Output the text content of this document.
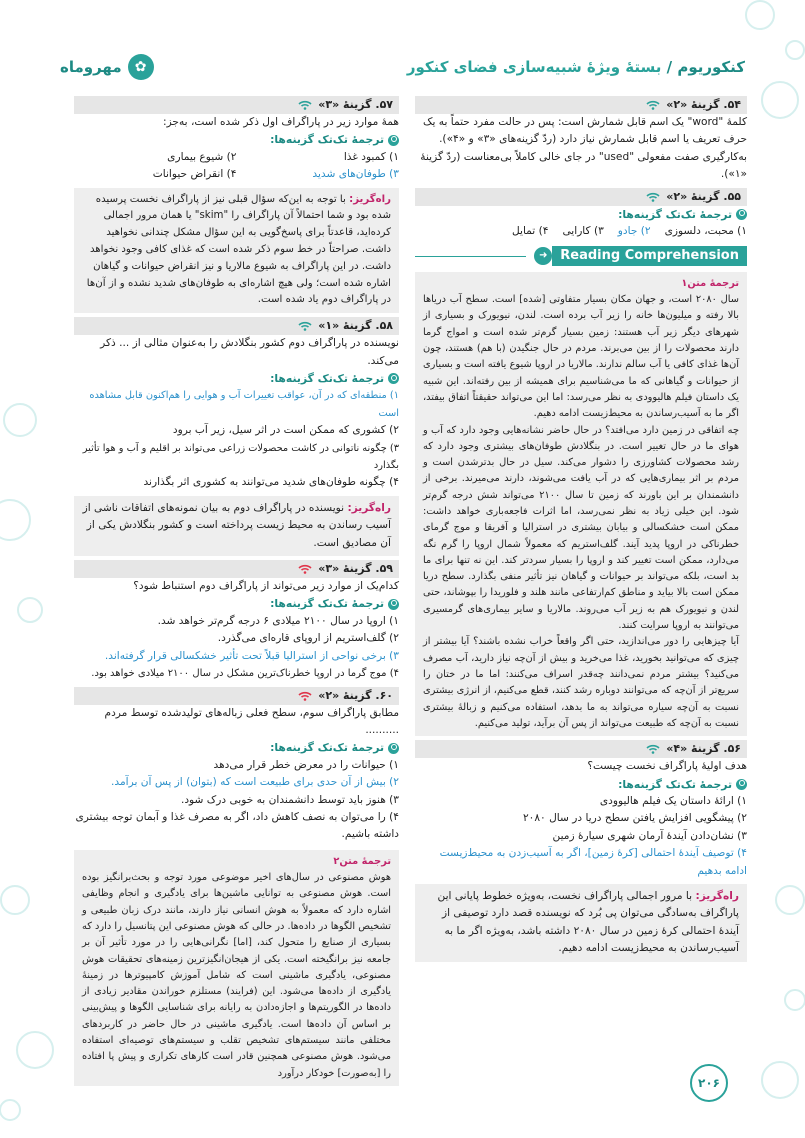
کنکوریوم / بستهٔ ویژهٔ شبیه‌سازی فضای کنکور
✿
مهروماه
۵۴. گزینهٔ «۲»

کلمهٔ "word" یک اسم قابل شمارش است: پس در حالت مفرد حتماً به یک حرف تعریف یا اسم قابل شمارش نیاز دارد (ردّ گزینه‌های «۳» و «۴»). به‌کارگیری صفت مفعولی "used" در جای خالی کاملاً بی‌معناست (ردّ گزینهٔ «۱»).

۵۵. گزینهٔ «۲»
ترجمهٔ تک‌تک گزینه‌ها:
۱) محبت، دلسوزی
۲) جادو
۳) کارایی
۴) تمایل
Reading Comprehension
➜
ترجمهٔ متن۱

سال ۲۰۸۰ است، و جهان مکان بسیار متفاوتی [شده] است. سطح آب دریاها بالا رفته و میلیون‌ها خانه را زیر آب برده است. لندن، نیویورک و بسیاری از شهرهای دیگر زیر آب هستند: زمین بسیار گرم‌تر شده است و امواج گرما دارند محصولات را از بین می‌برند. مردم در حال جنگیدن (با هم) هستند، چون آن‌ها غذای کافی یا آب سالم ندارند. مالاریا در اروپا شیوع یافته است و بسیاری از حیوانات و گیاهانی که ما می‌شناسیم برای همیشه از بین رفته‌اند. این شبیه یک داستان فیلم هالیوودی به نظر می‌رسد: اما این می‌تواند حقیقتاً اتفاق بیفتد، اگر ما به آسیب‌رساندن به محیط‌زیست ادامه دهیم.

چه اتفاقی در زمین دارد می‌افتد؟ در حال حاضر نشانه‌هایی وجود دارد که آب و هوای ما در حال تغییر است. در بنگلادش طوفان‌های بیشتری وجود دارد که رشد محصولات کشاورزی را دشوار می‌کند. سیل در حال بدترشدن است و مردم بر اثر بیماری‌هایی که در آب یافت می‌شوند، دارند می‌میرند. برخی از دانشمندان بر این باورند که زمین تا سال ۲۱۰۰ می‌تواند شش درجه گرم‌تر شود. این خیلی زیاد به نظر نمی‌رسد، اما اثرات فاجعه‌باری خواهد داشت: ممکن است خشکسالی و بیابان بیشتری در استرالیا و آفریقا و موج گرمای خطرناکی در اروپا پدید آیند. گلف‌استریم که معمولاً شمال اروپا را گرم نگه می‌دارد، ممکن است تغییر کند و اروپا را بسیار سردتر کند. این نه تنها برای ما بد است، بلکه می‌تواند بر حیوانات و گیاهان نیز تأثیر منفی بگذارد. سطح دریا ممکن است بالا بیاید و مناطق کم‌ارتفاعی مانند هلند و فلوریدا را بپوشاند، حتی لندن و نیویورک هم به زیر آب می‌روند. مالاریا و سایر بیماری‌های گرمسیری می‌توانند به اروپا سرایت کنند.

آیا چیزهایی را دور می‌اندازید، حتی اگر واقعاً خراب نشده باشند؟ آیا بیشتر از چیزی که می‌توانید بخورید، غذا می‌خرید و بیش از آن‌چه نیاز دارید، آب مصرف می‌کنید؟ بیشتر مردم نمی‌دانند چه‌قدر اسراف می‌کنند: اما ما در ختان را سریع‌تر از آن‌چه که می‌توانند دوباره رشد کنند، قطع می‌کنیم، از انرژی بیشتری نسبت به آن‌چه سیاره می‌تواند به ما بدهد، استفاده می‌کنیم و زبالهٔ بیشتری نسبت به آن‌چه که طبیعت می‌تواند از پس آن برآید، تولید می‌کنیم.

۵۶. گزینهٔ «۴»

هدف اولیهٔ پاراگراف نخست چیست؟

ترجمهٔ تک‌تک گزینه‌ها:

۱) ارائهٔ داستان یک فیلم هالیوودی

۲) پیشگویی افزایش یافتن سطح دریا در سال ۲۰۸۰

۳) نشان‌دادن آیندهٔ آرمان شهری سیارهٔ زمین

۴) توصیف آیندهٔ احتمالی [کرهٔ زمین]، اگر به آسیب‌زدن به محیط‌زیست ادامه بدهیم

راه‌گریز: با مرور اجمالی پاراگراف نخست، به‌ویژه خطوط پایانی این پاراگراف به‌سادگی می‌توان پی بُرد که نویسنده قصد دارد توصیفی از آیندهٔ احتمالی کرهٔ زمین در سال ۲۰۸۰ داشته باشد، به‌ویژه اگر ما به آسیب‌رساندن به محیط‌زیست ادامه دهیم.
۵۷. گزینهٔ «۳»

همهٔ موارد زیر در پاراگراف اول ذکر شده است، به‌جز:

ترجمهٔ تک‌تک گزینه‌ها:
۱) کمبود غذا
۲) شیوع بیماری
۳) طوفان‌های شدید
۴) انقراض حیوانات
راه‌گریز: با توجه به این‌که سؤال قبلی نیز از پاراگراف نخست پرسیده شده بود و شما احتمالاً آن پاراگراف را "skim" یا همان مرور اجمالی کرده‌اید، قاعدتاً برای پاسخ‌گویی به این سؤال مشکل چندانی نخواهید داشت. صراحتاً در خط سوم ذکر شده است که غذای کافی وجود نخواهد داشت. در این پاراگراف به شیوع مالاریا و نیز انقراض حیوانات و گیاهان اشاره شده است؛ ولی هیچ اشاره‌ای به طوفان‌های شدید نشده و از آن‌ها در پاراگراف دوم یاد شده است.
۵۸. گزینهٔ «۱»

نویسنده در پاراگراف دوم کشور بنگلادش را به‌عنوان مثالی از ... ذکر می‌کند.

ترجمهٔ تک‌تک گزینه‌ها:

۱) منطقه‌ای که در آن، عواقب تغییرات آب و هوایی را هم‌اکنون قابل مشاهده است

۲) کشوری که ممکن است در اثر سیل، زیر آب برود

۳) چگونه ناتوانی در کاشت محصولات زراعی می‌تواند بر اقلیم و آب و هوا تأثیر بگذارد

۴) چگونه طوفان‌های شدید می‌توانند به کشوری اثر بگذارند

راه‌گریز: نویسنده در پاراگراف دوم به بیان نمونه‌های اتفاقات ناشی از آسیب رساندن به محیط زیست پرداخته است و کشور بنگلادش یکی از آن مصادیق است.
۵۹. گزینهٔ «۳»

کدام‌یک از موارد زیر می‌تواند از پاراگراف دوم استنباط شود؟

ترجمهٔ تک‌تک گزینه‌ها:

۱) اروپا در سال ۲۱۰۰ میلادی ۶ درجه گرم‌تر خواهد شد.

۲) گلف‌استریم از اروپای قاره‌ای می‌گذرد.

۳) برخی نواحی از استرالیا قبلاً تحت تأثیر خشکسالی قرار گرفته‌اند.

۴) موج گرما در اروپا خطرناک‌ترین مشکل در سال ۲۱۰۰ میلادی خواهد بود.

۶۰. گزینهٔ «۲»

مطابق پاراگراف سوم، سطح فعلی زباله‌های تولیدشده توسط مردم ..........

ترجمهٔ تک‌تک گزینه‌ها:

۱) حیوانات را در معرض خطر قرار می‌دهد

۲) بیش از آن حدی برای طبیعت است که (بتوان) از پس آن برآمد.

۳) هنوز باید توسط دانشمندان به خوبی درک شود.

۴) را می‌توان به نصف کاهش داد، اگر به مصرف غذا و آبمان توجه بیشتری داشته باشیم.

ترجمهٔ متن۲

هوش مصنوعی در سال‌های اخیر موضوعی مورد توجه و بحث‌برانگیز بوده است. هوش مصنوعی به توانایی ماشین‌ها برای یادگیری و انجام وظایفی اشاره دارد که معمولاً به هوش انسانی نیاز دارند، مانند درک زبان طبیعی و تشخیص الگوها در داده‌ها. در حالی که هوش مصنوعی این پتانسیل را دارد که بسیاری از صنایع را متحول کند، [اما] نگرانی‌هایی را در مورد تأثیر آن بر جامعه نیز برانگیخته است. یکی از هیجان‌انگیزترین زمینه‌های تحقیقات هوش مصنوعی، یادگیری ماشینی است که شامل آموزش کامپیوترها در زمینهٔ یادگیری از داده‌ها می‌شود. این (فرایند) مستلزم خوراندن مقادیر زیادی از داده‌ها در الگوریتم‌ها و اجازه‌دادن به رایانه برای شناسایی الگوها و پیش‌بینی بر اساس آن داده‌ها است. یادگیری ماشینی در حال حاضر در کاربردهای مختلفی مانند سیستم‌های تشخیص تقلب و سیستم‌های توصیه‌ای استفاده می‌شود. هوش مصنوعی همچنین قادر است کارهای تکراری و پیش پا افتاده را [به‌صورت] خودکار درآورد

۲۰۶
